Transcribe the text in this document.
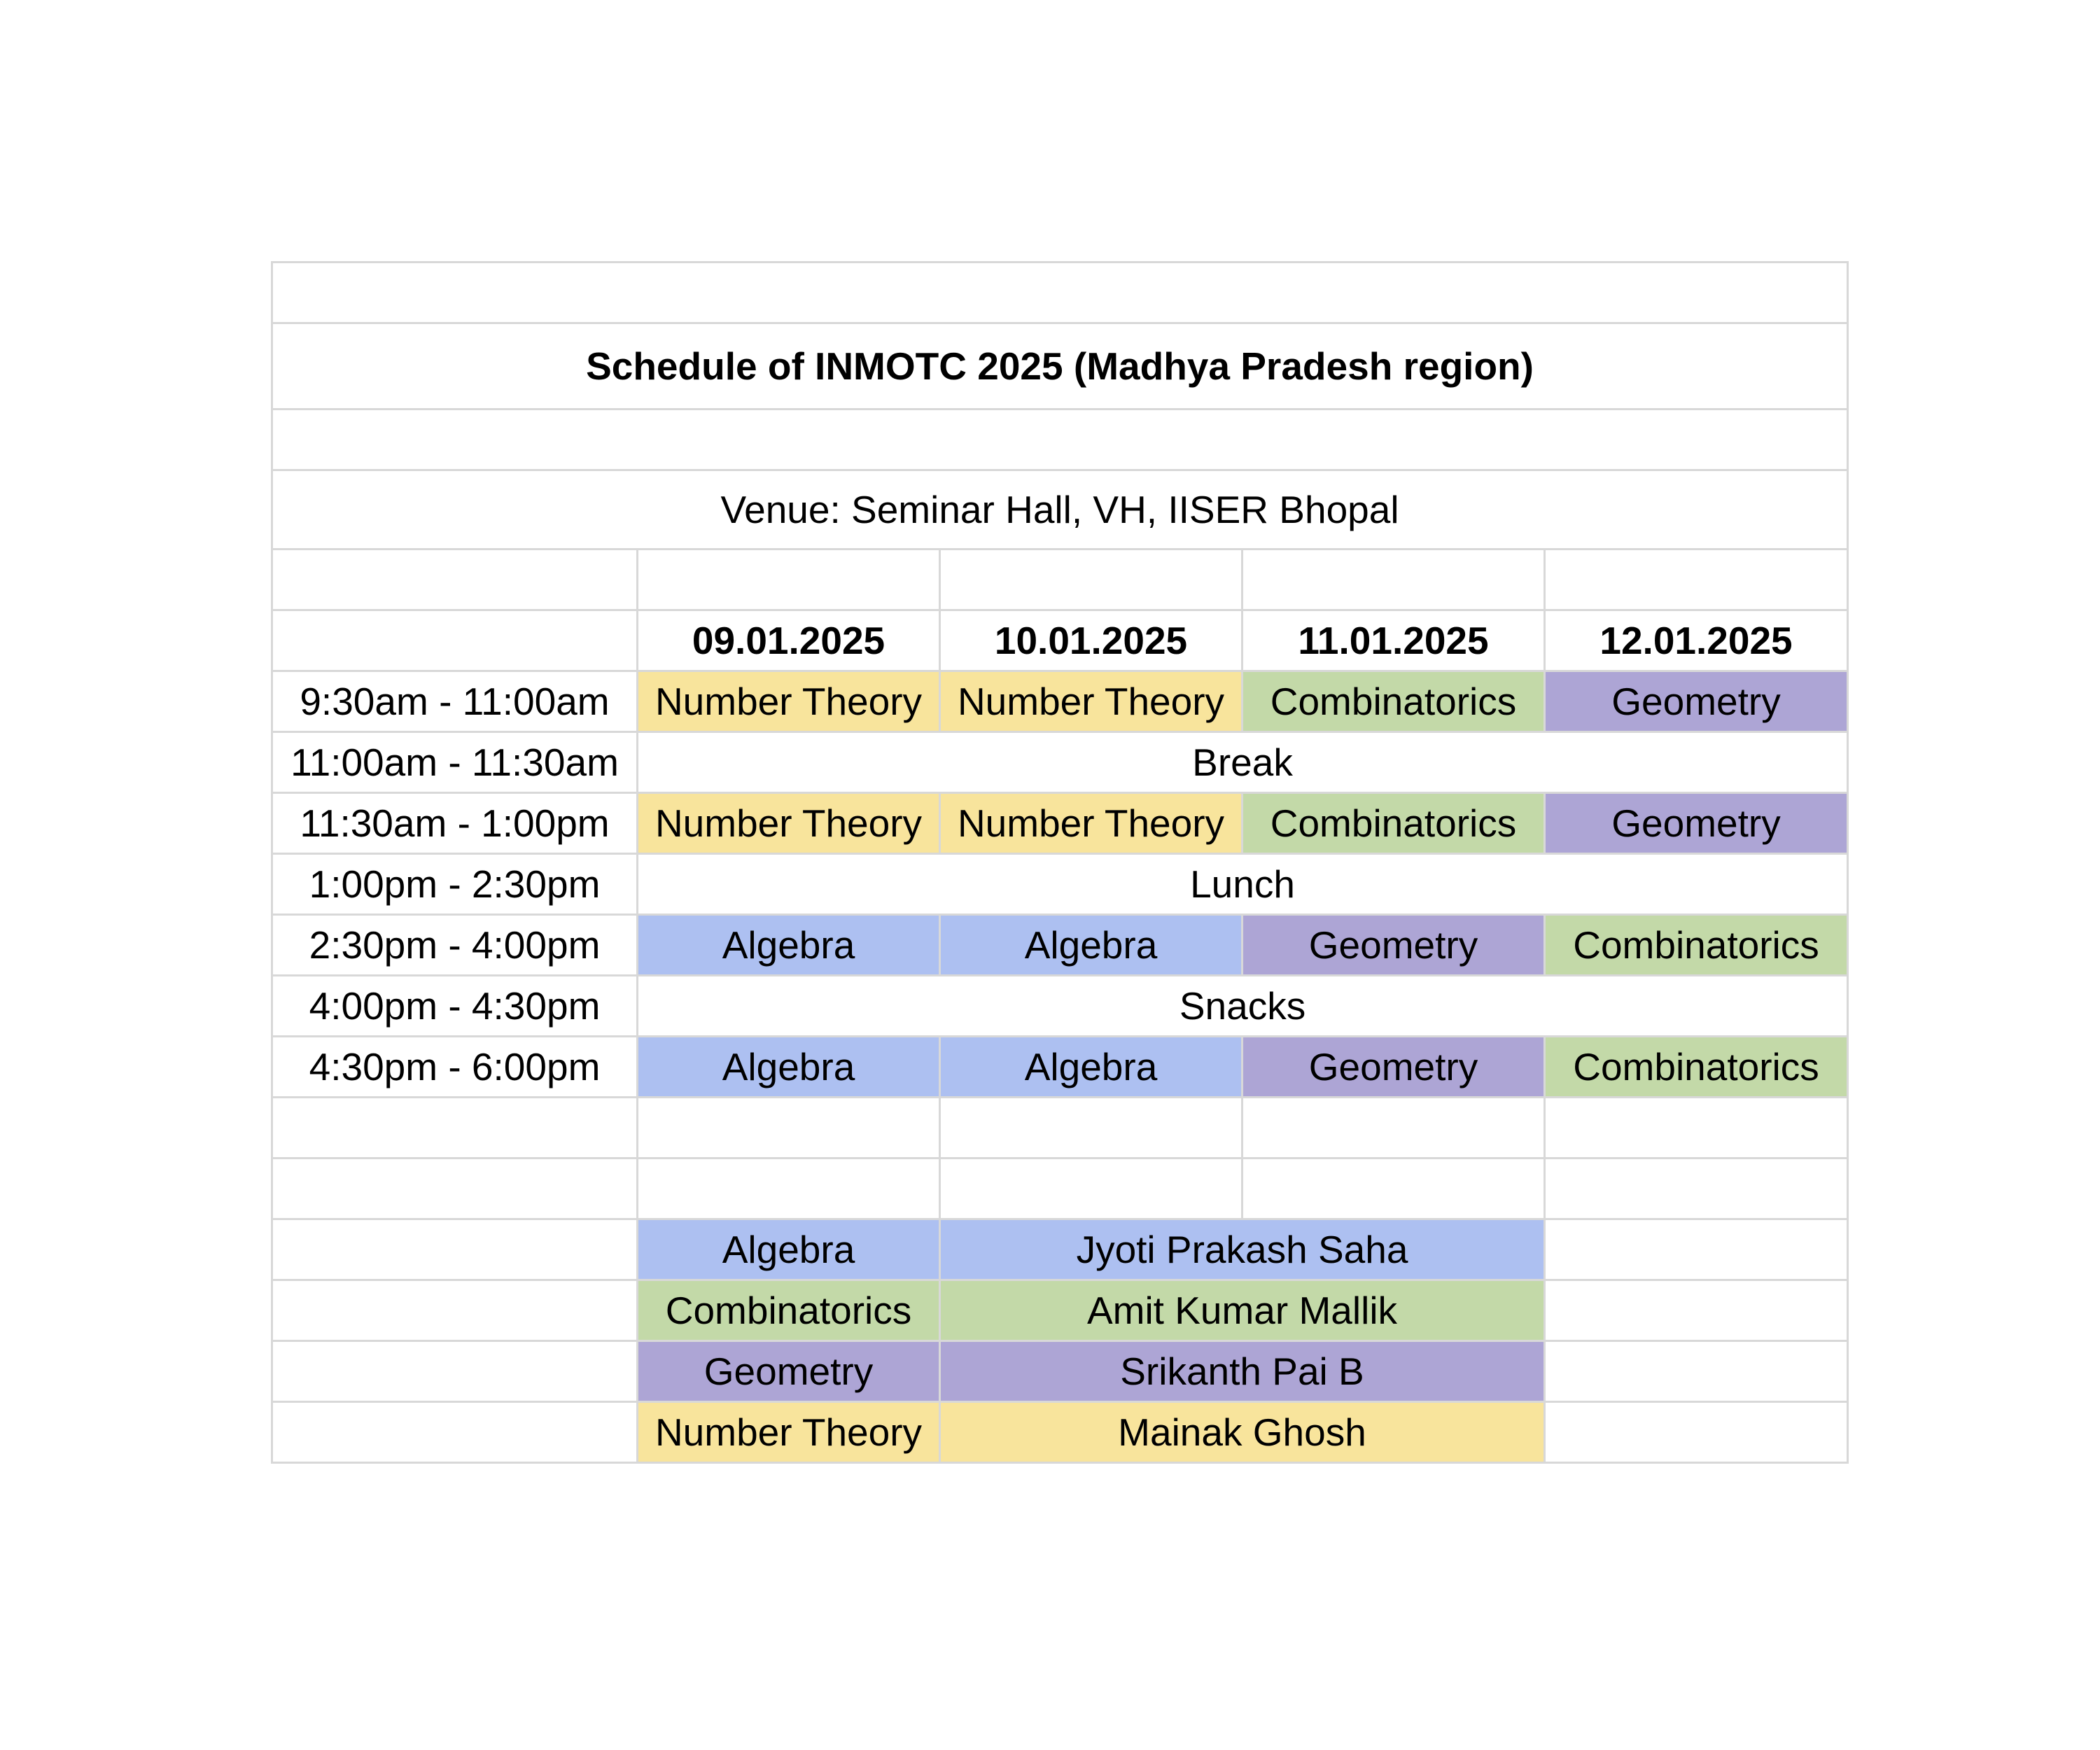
Schedule of INMOTC 2025 (Madhya Pradesh region)				

Venue: Seminar Hall, VH, IISER Bhopal				

	09.01.2025	10.01.2025	11.01.2025	12.01.2025
9:30am - 11:00am	Number Theory	Number Theory	Combinatorics	Geometry
11:00am - 11:30am	Break			
11:30am - 1:00pm	Number Theory	Number Theory	Combinatorics	Geometry
1:00pm - 2:30pm	Lunch			
2:30pm - 4:00pm	Algebra	Algebra	Geometry	Combinatorics
4:00pm - 4:30pm	Snacks			
4:30pm - 6:00pm	Algebra	Algebra	Geometry	Combinatorics

	Algebra	Jyoti Prakash Saha		
	Combinatorics	Amit Kumar Mallik		
	Geometry	Srikanth Pai B		
	Number Theory	Mainak Ghosh		
